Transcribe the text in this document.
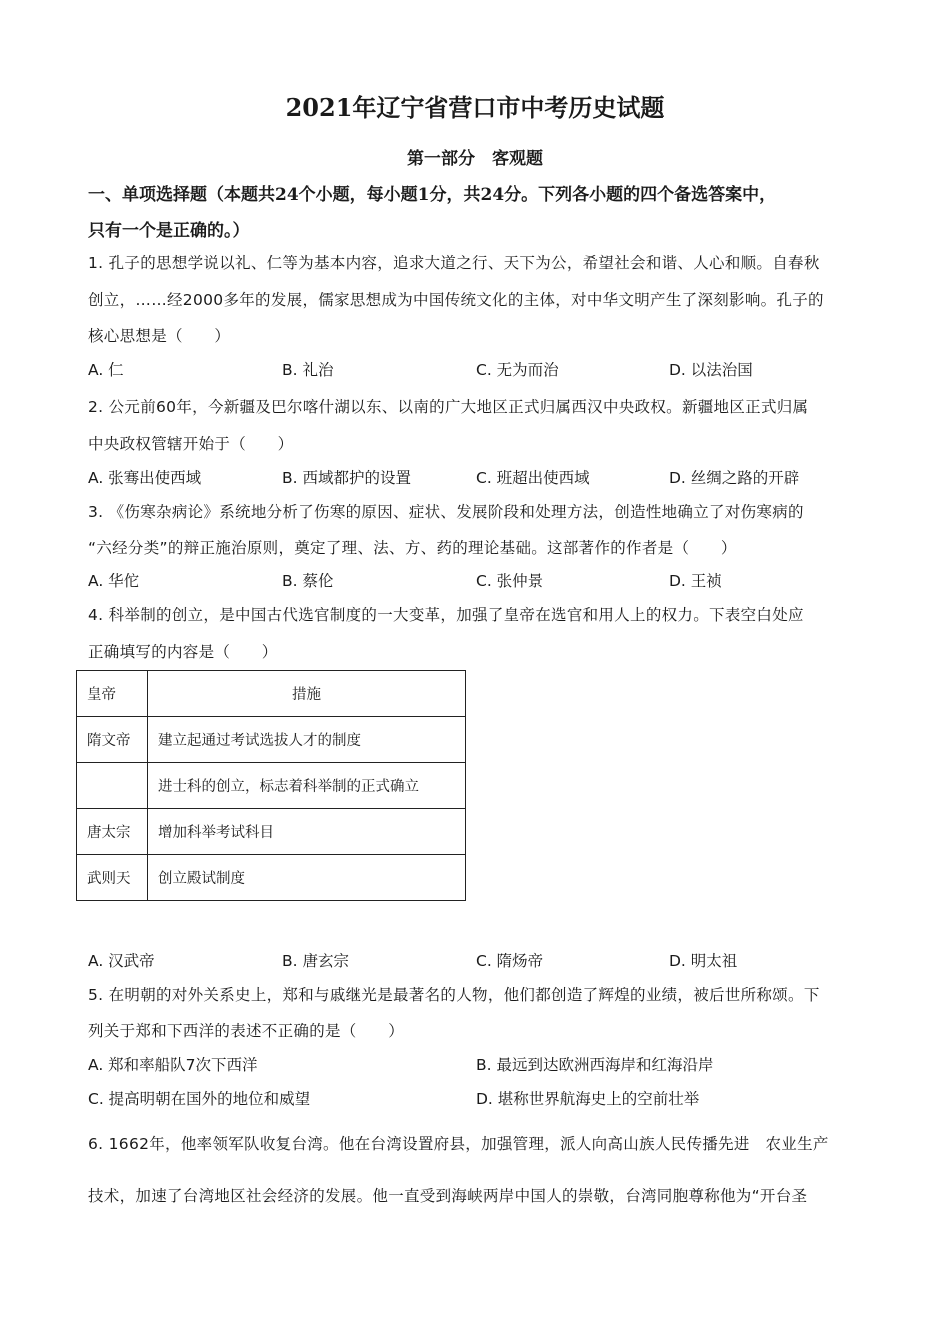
2021年辽宁省营口市中考历史试题
第一部分　客观题
一、单项选择题（本题共24个小题，每小题1分，共24分。下列各小题的四个备选答案中，
只有一个是正确的。）
1. 孔子的思想学说以礼、仁等为基本内容，追求大道之行、天下为公，希望社会和谐、人心和顺。自春秋
创立，……经2000多年的发展，儒家思想成为中国传统文化的主体，对中华文明产生了深刻影响。孔子的
核心思想是（　　）
A. 仁	B. 礼治	C. 无为而治	D. 以法治国
2. 公元前60年，今新疆及巴尔喀什湖以东、以南的广大地区正式归属西汉中央政权。新疆地区正式归属
中央政权管辖开始于（　　）
A. 张骞出使西域	B. 西域都护的设置	C. 班超出使西域	D. 丝绸之路的开辟
3. 《伤寒杂病论》系统地分析了伤寒的原因、症状、发展阶段和处理方法，创造性地确立了对伤寒病的
“六经分类”的辩正施治原则，奠定了理、法、方、药的理论基础。这部著作的作者是（　　）
A. 华佗	B. 蔡伦	C. 张仲景	D. 王祯
4. 科举制的创立，是中国古代选官制度的一大变革，加强了皇帝在选官和用人上的权力。下表空白处应
正确填写的内容是（　　）
皇帝	措施
隋文帝	建立起通过考试选拔人才的制度
	进士科的创立，标志着科举制的正式确立
唐太宗	增加科举考试科目
武则天	创立殿试制度
A. 汉武帝	B. 唐玄宗	C. 隋炀帝	D. 明太祖
5. 在明朝的对外关系史上，郑和与戚继光是最著名的人物，他们都创造了辉煌的业绩，被后世所称颂。下
列关于郑和下西洋的表述不正确的是（　　）
A. 郑和率船队7次下西洋	B. 最远到达欧洲西海岸和红海沿岸
C. 提高明朝在国外的地位和威望	D. 堪称世界航海史上的空前壮举
6. 1662年，他率领军队收复台湾。他在台湾设置府县，加强管理，派人向高山族人民传播先进　农业生产
技术，加速了台湾地区社会经济的发展。他一直受到海峡两岸中国人的崇敬，台湾同胞尊称他为“开台圣
